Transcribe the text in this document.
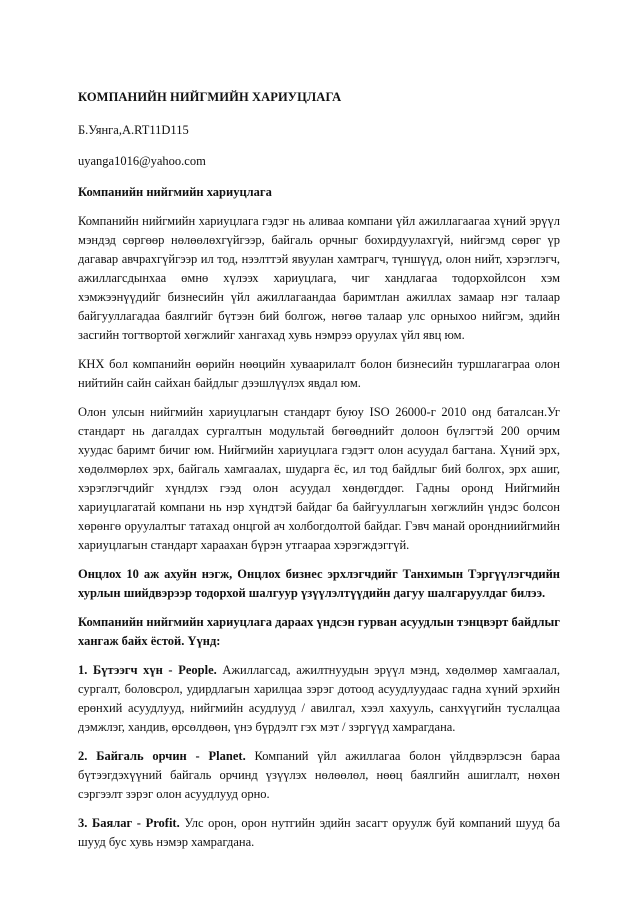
КОМПАНИЙН НИЙГМИЙН ХАРИУЦЛАГА
Б.Уянга,A.RT11D115
uyanga1016@yahoo.com
Компанийн нийгмийн хариуцлага

Компанийн нийгмийн хариуцлага гэдэг нь аливаа компани үйл ажиллагаагаа хүний эрүүл мэндэд сөргөөр нөлөөлөхгүйгээр, байгаль орчныг бохирдуулахгүй, нийгэмд сөрөг үр дагавар авчрахгүйгээр ил тод, нээлттэй явуулан хамтрагч, түншүүд, олон нийт, хэрэглэгч, ажиллагсдынхаа өмнө хүлээх хариуцлага, чиг хандлагаа тодорхойлсон хэм хэмжээнүүдийг бизнесийн үйл ажиллагаандаа баримтлан ажиллах замаар нэг талаар байгууллагадаа баялгийг бүтээн бий болгож, нөгөө талаар улс орныхоо нийгэм, эдийн засгийн тогтвортой хөгжлийг хангахад хувь нэмрээ оруулах үйл явц юм.

КНХ бол компанийн өөрийн нөөцийн хуваарилалт болон бизнесийн туршлагаграа олон нийтийн сайн сайхан байдлыг дээшлүүлэх явдал юм.

Олон улсын нийгмийн хариуцлагын стандарт буюу ISO 26000-г 2010 онд баталсан.Уг стандарт нь дагалдах сургалтын модультай бөгөөднийт долоон бүлэгтэй 200 орчим хуудас баримт бичиг юм. Нийгмийн хариуцлага гэдэгт олон асуудал багтана. Хүний эрх, хөдөлмөрлөх эрх, байгаль хамгаалах, шударга ёс, ил тод байдлыг бий болгох, эрх ашиг, хэрэглэгчдийг хүндлэх гээд олон асуудал хөндөгддөг. Гадны оронд Нийгмийн хариуцлагатай компани нь нэр хүндтэй байдаг ба байгууллагын хөгжлийн үндэс болсон хөрөнгө оруулалтыг татахад онцгой ач холбогдолтой байдаг. Гэвч манай орондниийгмийн хариуцлагын стандарт хараахан бүрэн утгаараа хэрэгждэггүй.

Онцлох 10 аж ахуйн нэгж, Онцлох бизнес эрхлэгчдийг Танхимын Тэргүүлэгчдийн хурлын шийдвэрээр тодорхой шалгуур үзүүлэлтүүдийн дагуу шалгаруулдаг билээ.

Компанийн нийгмийн хариуцлага дараах үндсэн гурван асуудлын тэнцвэрт байдлыг хангаж байх ёстой. Үүнд:

1. Бүтээгч хүн - People. Ажиллагсад, ажилтнуудын эрүүл мэнд, хөдөлмөр хамгаалал, сургалт, боловсрол, удирдлагын харилцаа зэрэг дотоод асуудлуудаас гадна хүний эрхийн ерөнхий асуудлууд, нийгмийн асудлууд / авилгал, хээл хахууль, санхүүгийн туслалцаа дэмжлэг, хандив, өрсөлдөөн, үнэ бүрдэлт гэх мэт / зэргүүд хамрагдана.

2. Байгаль орчин - Planet. Компаний үйл ажиллагаа болон үйлдвэрлэсэн бараа бүтээгдэхүүний байгаль орчинд үзүүлэх нөлөөлөл, нөөц баялгийн ашиглалт, нөхөн сэргээлт зэрэг олон асуудлууд орно.

3. Баялаг - Profit. Улс орон, орон нутгийн эдийн засагт оруулж буй компаний шууд ба шууд бус хувь нэмэр хамрагдана.
